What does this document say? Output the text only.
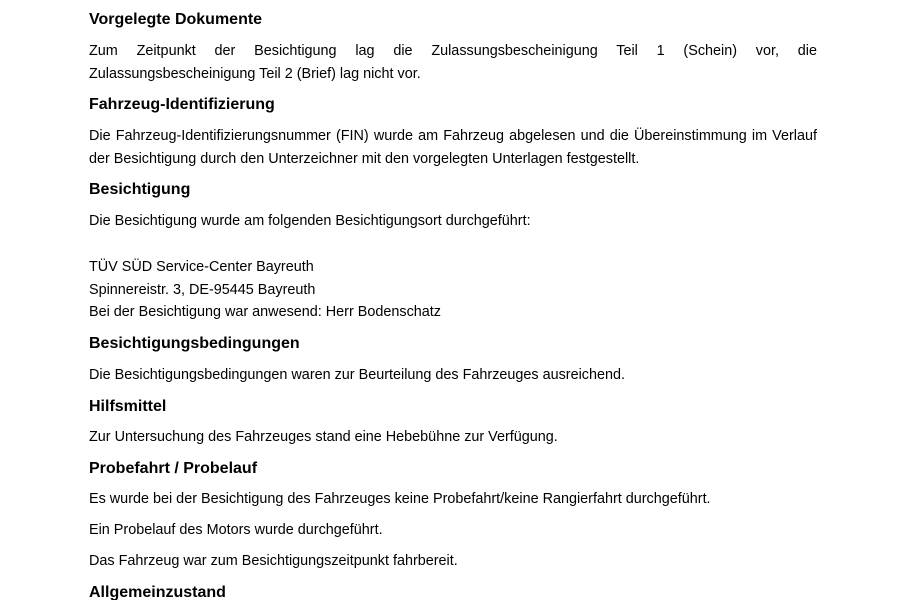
Vorgelegte Dokumente

Zum Zeitpunkt der Besichtigung lag die Zulassungsbescheinigung Teil 1 (Schein) vor, die Zulassungsbescheinigung Teil 2 (Brief) lag nicht vor.

Fahrzeug-Identifizierung

Die Fahrzeug-Identifizierungsnummer (FIN) wurde am Fahrzeug abgelesen und die Übereinstimmung im Verlauf der Besichtigung durch den Unterzeichner mit den vorgelegten Unterlagen festgestellt.

Besichtigung

Die Besichtigung wurde am folgenden Besichtigungsort durchgeführt:

TÜV SÜD Service-Center Bayreuth

Spinnereistr. 3, DE-95445 Bayreuth

Bei der Besichtigung war anwesend: Herr Bodenschatz

Besichtigungsbedingungen

Die Besichtigungsbedingungen waren zur Beurteilung des Fahrzeuges ausreichend.

Hilfsmittel

Zur Untersuchung des Fahrzeuges stand eine Hebebühne zur Verfügung.

Probefahrt / Probelauf

Es wurde bei der Besichtigung des Fahrzeuges keine Probefahrt/keine Rangierfahrt durchgeführt.

Ein Probelauf des Motors wurde durchgeführt.

Das Fahrzeug war zum Besichtigungszeitpunkt fahrbereit.

Allgemeinzustand
